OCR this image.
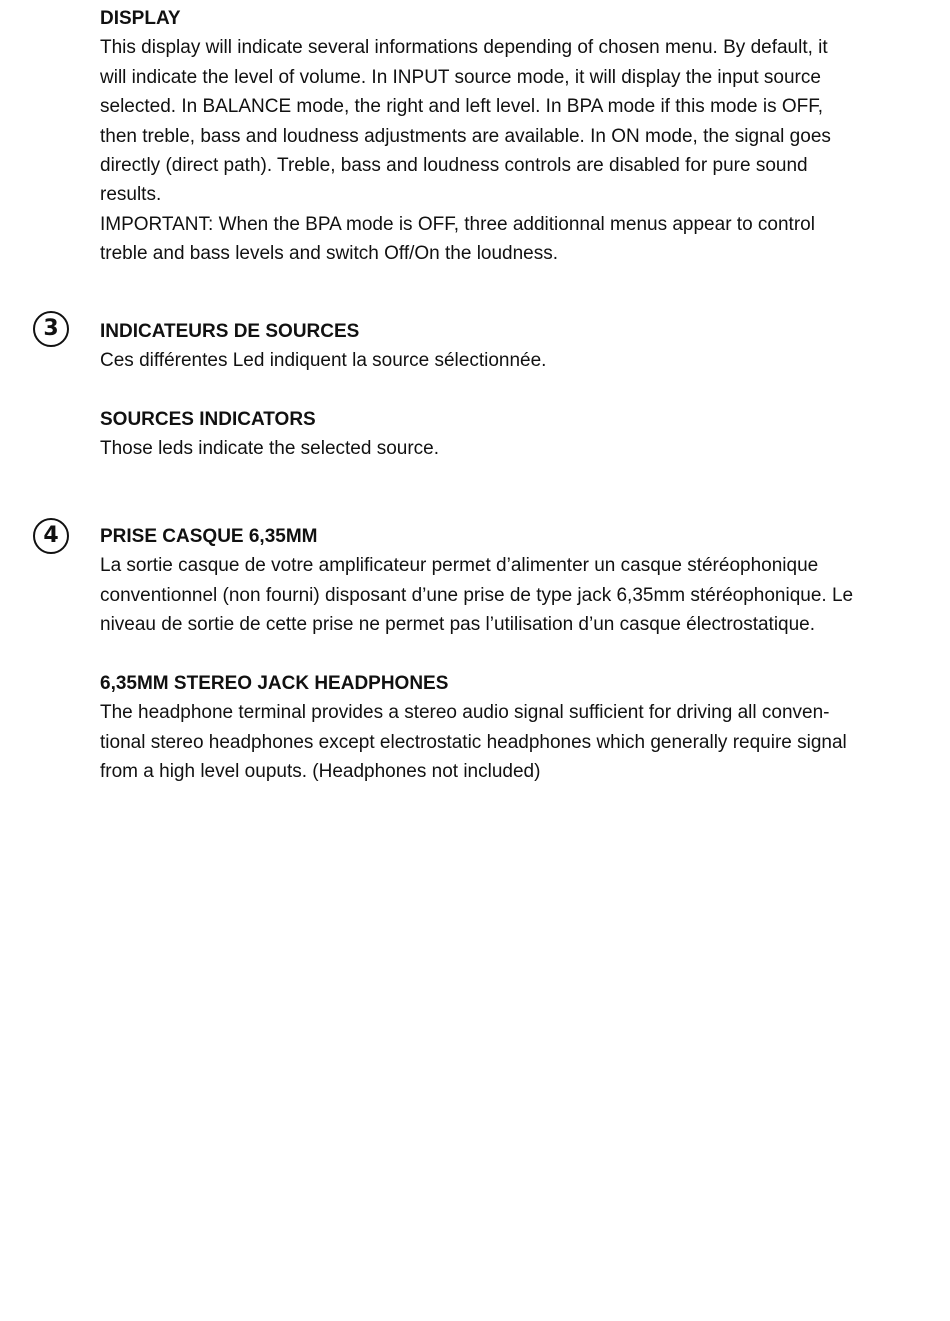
DISPLAY

This display will indicate several informations depending of chosen menu. By default, it
will indicate the level of volume. In INPUT source mode, it will display the input source
selected. In BALANCE mode, the right and left level. In BPA mode if this mode is OFF,
then treble, bass and loudness adjustments are available. In ON mode, the signal goes
directly (direct path). Treble, bass and loudness controls are disabled for pure sound
results.
IMPORTANT: When the BPA mode is OFF, three additionnal menus appear to control
treble and bass levels and switch Off/On the loudness.

3	INDICATEURS DE SOURCES

Ces différentes Led indiquent la source sélectionnée.

SOURCES INDICATORS

Those leds indicate the selected source.

4	PRISE CASQUE 6,35MM

La sortie casque de votre amplificateur permet d’alimenter un casque stéréophonique
conventionnel (non fourni) disposant d’une prise de type jack 6,35mm stéréophonique. Le
niveau de sortie de cette prise ne permet pas l’utilisation d’un casque électrostatique.

6,35MM STEREO JACK HEADPHONES

The headphone terminal provides a stereo audio signal sufficient for driving all conven-
tional stereo headphones except electrostatic headphones which generally require signal
from a high level ouputs. (Headphones not included)
